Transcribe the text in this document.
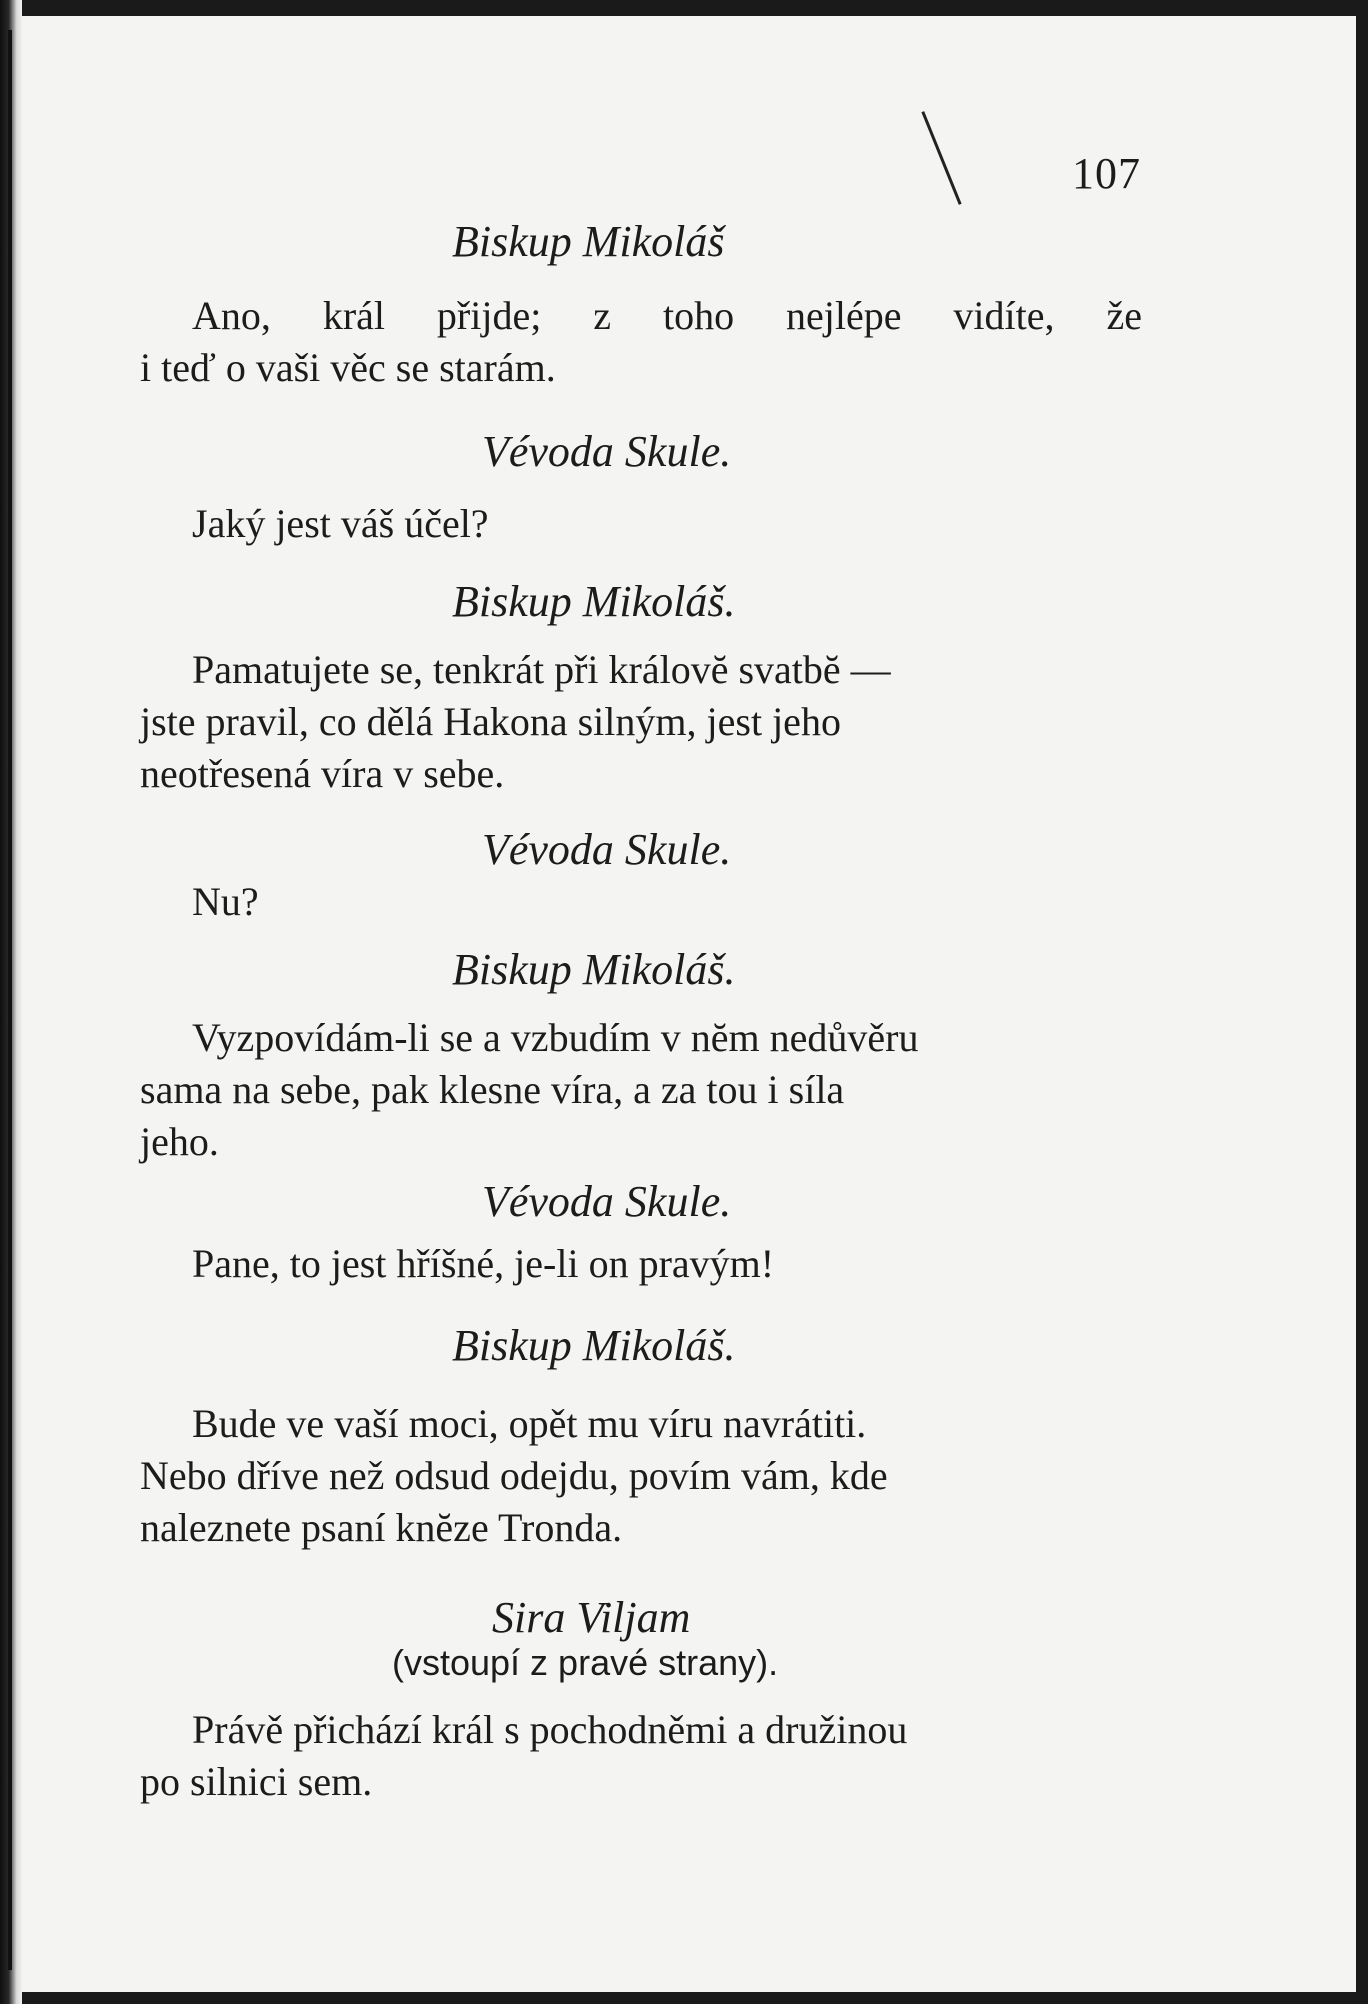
107
Biskup Mikoláš
Ano, král přijde; z toho nejlépe vidíte, že
i teď o vaši věc se starám.
Vévoda Skule.
Jaký jest váš účel?
Biskup Mikoláš.
Pamatujete se, tenkrát při královĕ svatbĕ —
jste pravil, co dělá Hakona silným, jest jeho
neotřesená víra v sebe.
Vévoda Skule.
Nu?
Biskup Mikoláš.
Vyzpovídám-li se a vzbudím v nĕm nedůvěru
sama na sebe, pak klesne víra, a za tou i síla
jeho.
Vévoda Skule.
Pane, to jest hříšné, je-li on pravým!
Biskup Mikoláš.
Bude ve vaší moci, opět mu víru navrátiti.
Nebo dříve než odsud odejdu, povím vám, kde
naleznete psaní knĕze Tronda.
Sira Viljam
(vstoupí z pravé strany).
Právě přichází král s pochodněmi a družinou
po silnici sem.
